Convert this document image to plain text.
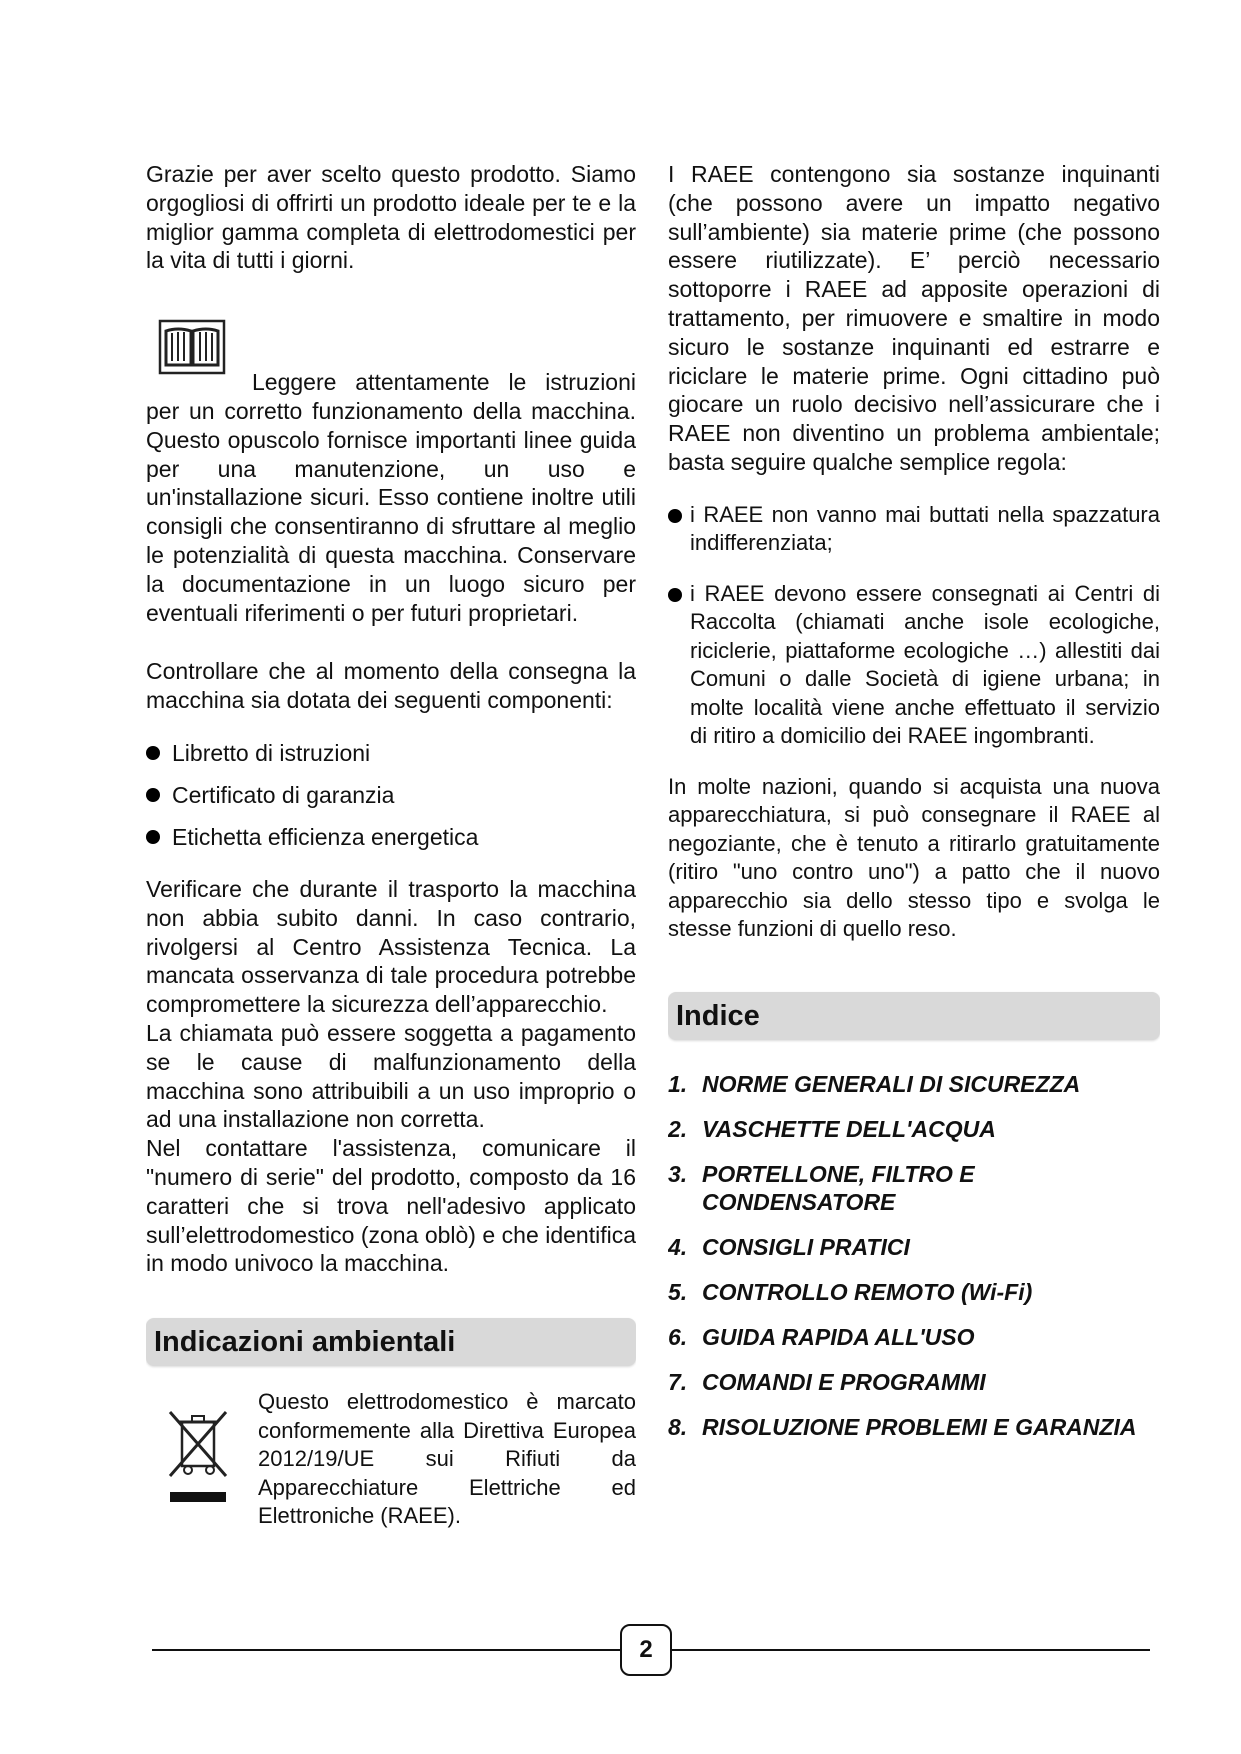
Grazie per aver scelto questo prodotto. Siamo orgogliosi di offrirti un prodotto ideale per te e la miglior gamma completa di elettrodomestici per la vita di tutti i giorni.

Leggere attentamente le istruzioni per un corretto funzionamento della macchina. Questo opuscolo fornisce importanti linee guida per una manutenzione, un uso e un'installazione sicuri. Esso contiene inoltre utili consigli che consentiranno di sfruttare al meglio le potenzialità di questa macchina. Conservare la documentazione in un luogo sicuro per eventuali riferimenti o per futuri proprietari.

Controllare che al momento della consegna la macchina sia dotata dei seguenti componenti:

Libretto di istruzioni
Certificato di garanzia
Etichetta efficienza energetica

Verificare che durante il trasporto la macchina non abbia subito danni. In caso contrario, rivolgersi al Centro Assistenza Tecnica. La mancata osservanza di tale procedura potrebbe compromettere la sicurezza dell’apparecchio.

La chiamata può essere soggetta a pagamento se le cause di malfunzionamento della macchina sono attribuibili a un uso improprio o ad una installazione non corretta.

Nel contattare l'assistenza, comunicare il "numero di serie" del prodotto, composto da 16 caratteri che si trova nell'adesivo applicato sull’elettrodomestico (zona oblò) e che identifica in modo univoco la macchina.

Indicazioni ambientali

Questo elettrodomestico è marcato conformemente alla Direttiva Europea 2012/19/UE sui Rifiuti da Apparecchiature Elettriche ed Elettroniche (RAEE).

I RAEE contengono sia sostanze inquinanti (che possono avere un impatto negativo sull’ambiente) sia materie prime (che possono essere riutilizzate). E’ perciò necessario sottoporre i RAEE ad apposite operazioni di trattamento, per rimuovere e smaltire in modo sicuro le sostanze inquinanti ed estrarre e riciclare le materie prime. Ogni cittadino può giocare un ruolo decisivo nell’assicurare che i RAEE non diventino un problema ambientale; basta seguire qualche semplice regola:

i RAEE non vanno mai buttati nella spazzatura indifferenziata;

i RAEE devono essere consegnati ai Centri di Raccolta (chiamati anche isole ecologiche, riciclerie, piattaforme ecologiche …) allestiti dai Comuni o dalle Società di igiene urbana; in molte località viene anche effettuato il servizio di ritiro a domicilio dei RAEE ingombranti.

In molte nazioni, quando si acquista una nuova apparecchiatura, si può consegnare il RAEE al negoziante, che è tenuto a ritirarlo gratuitamente (ritiro "uno contro uno") a patto che il nuovo apparecchio sia dello stesso tipo e svolga le stesse funzioni di quello reso.

Indice
1. NORME GENERALI DI SICUREZZA
2. VASCHETTE DELL'ACQUA
3. PORTELLONE, FILTRO E CONDENSATORE
4. CONSIGLI PRATICI
5. CONTROLLO REMOTO (Wi-Fi)
6. GUIDA RAPIDA ALL'USO
7. COMANDI E PROGRAMMI
8. RISOLUZIONE PROBLEMI E GARANZIA
2
